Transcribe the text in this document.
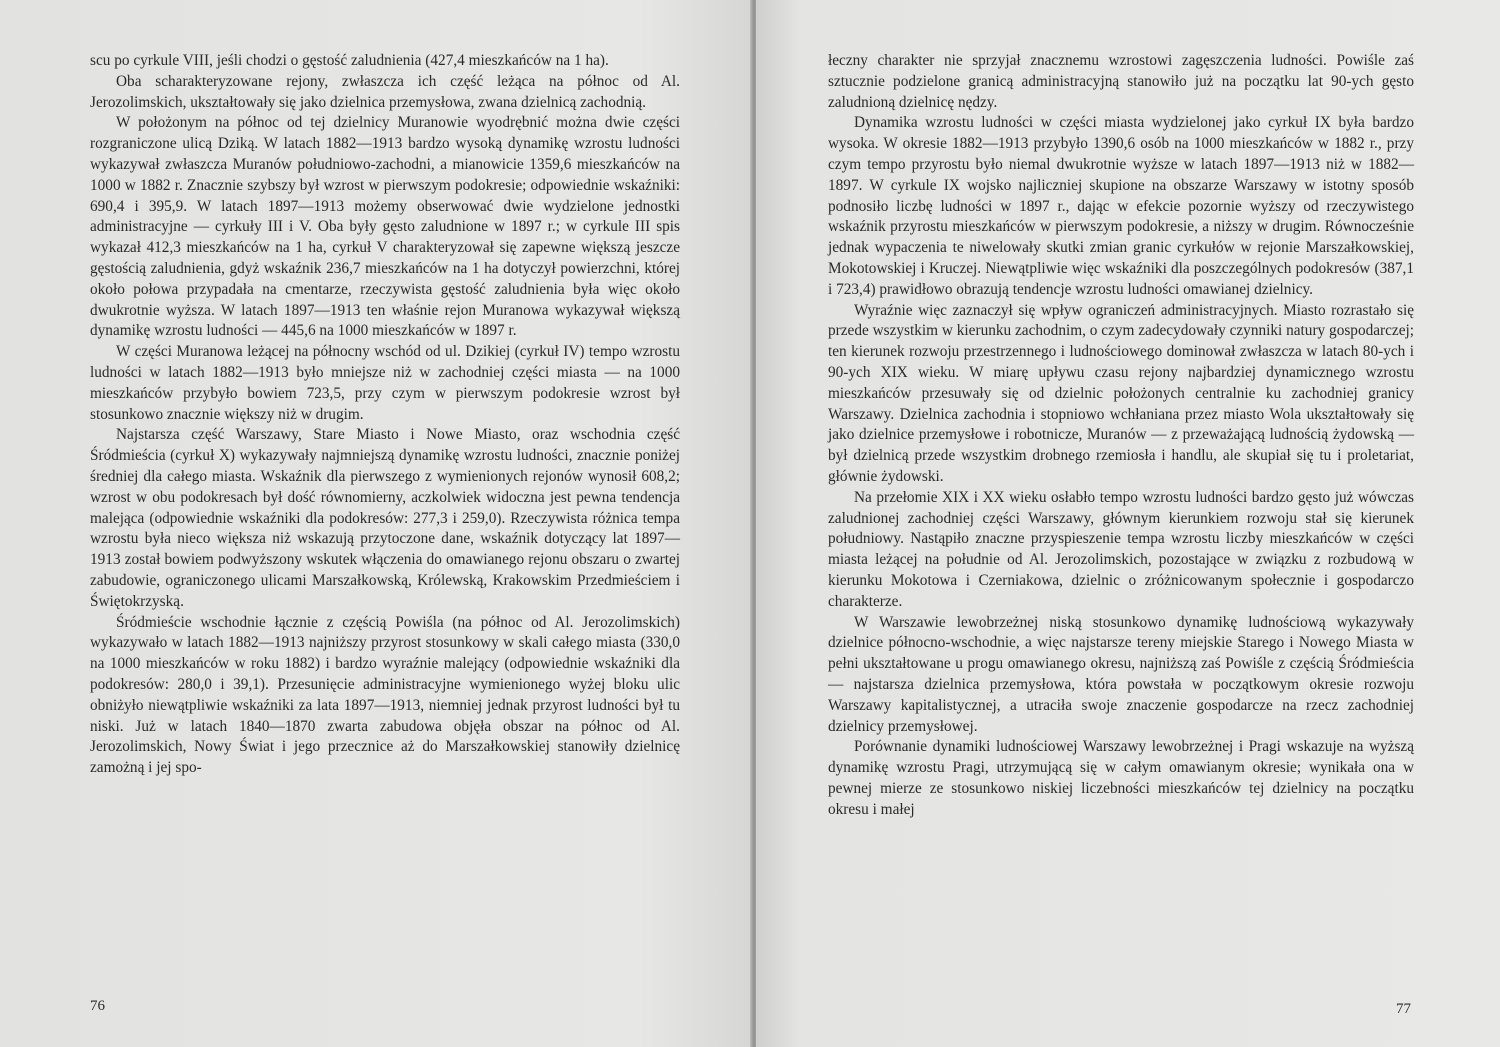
scu po cyrkule VIII, jeśli chodzi o gęstość zaludnienia (427,4 mieszkańców na 1 ha).

Oba scharakteryzowane rejony, zwłaszcza ich część leżąca na północ od Al. Jerozolimskich, ukształtowały się jako dzielnica przemysłowa, zwana dzielnicą zachodnią.

W położonym na północ od tej dzielnicy Muranowie wyodrębnić można dwie części rozgraniczone ulicą Dziką. W latach 1882—1913 bardzo wysoką dynamikę wzrostu ludności wykazywał zwłaszcza Muranów południowo-zachodni, a mianowicie 1359,6 mieszkańców na 1000 w 1882 r. Znacznie szybszy był wzrost w pierwszym podokresie; odpowiednie wskaźniki: 690,4 i 395,9. W latach 1897—1913 możemy obserwować dwie wydzielone jednostki administracyjne — cyrkuły III i V. Oba były gęsto zaludnione w 1897 r.; w cyrkule III spis wykazał 412,3 mieszkańców na 1 ha, cyrkuł V charakteryzował się zapewne większą jeszcze gęstością zaludnienia, gdyż wskaźnik 236,7 mieszkańców na 1 ha dotyczył powierzchni, której około połowa przypadała na cmentarze, rzeczywista gęstość zaludnienia była więc około dwukrotnie wyższa. W latach 1897—1913 ten właśnie rejon Muranowa wykazywał większą dynamikę wzrostu ludności — 445,6 na 1000 mieszkańców w 1897 r.

W części Muranowa leżącej na północny wschód od ul. Dzikiej (cyrkuł IV) tempo wzrostu ludności w latach 1882—1913 było mniejsze niż w zachodniej części miasta — na 1000 mieszkańców przybyło bowiem 723,5, przy czym w pierwszym podokresie wzrost był stosunkowo znacznie większy niż w drugim.

Najstarsza część Warszawy, Stare Miasto i Nowe Miasto, oraz wschodnia część Śródmieścia (cyrkuł X) wykazywały najmniejszą dynamikę wzrostu ludności, znacznie poniżej średniej dla całego miasta. Wskaźnik dla pierwszego z wymienionych rejonów wynosił 608,2; wzrost w obu podokresach był dość równomierny, aczkolwiek widoczna jest pewna tendencja malejąca (odpowiednie wskaźniki dla podokresów: 277,3 i 259,0). Rzeczywista różnica tempa wzrostu była nieco większa niż wskazują przytoczone dane, wskaźnik dotyczący lat 1897—1913 został bowiem podwyższony wskutek włączenia do omawianego rejonu obszaru o zwartej zabudowie, ograniczonego ulicami Marszałkowską, Królewską, Krakowskim Przedmieściem i Świętokrzyską.

Śródmieście wschodnie łącznie z częścią Powiśla (na północ od Al. Jerozolimskich) wykazywało w latach 1882—1913 najniższy przyrost stosunkowy w skali całego miasta (330,0 na 1000 mieszkańców w roku 1882) i bardzo wyraźnie malejący (odpowiednie wskaźniki dla podokresów: 280,0 i 39,1). Przesunięcie administracyjne wymienionego wyżej bloku ulic obniżyło niewątpliwie wskaźniki za lata 1897—1913, niemniej jednak przyrost ludności był tu niski. Już w latach 1840—1870 zwarta zabudowa objęła obszar na północ od Al. Jerozolimskich, Nowy Świat i jego przecznice aż do Marszałkowskiej stanowiły dzielnicę zamożną i jej spo-

76

łeczny charakter nie sprzyjał znacznemu wzrostowi zagęszczenia ludności. Powiśle zaś sztucznie podzielone granicą administracyjną stanowiło już na początku lat 90-ych gęsto zaludnioną dzielnicę nędzy.

Dynamika wzrostu ludności w części miasta wydzielonej jako cyrkuł IX była bardzo wysoka. W okresie 1882—1913 przybyło 1390,6 osób na 1000 mieszkańców w 1882 r., przy czym tempo przyrostu było niemal dwukrotnie wyższe w latach 1897—1913 niż w 1882—1897. W cyrkule IX wojsko najliczniej skupione na obszarze Warszawy w istotny sposób podnosiło liczbę ludności w 1897 r., dając w efekcie pozornie wyższy od rzeczywistego wskaźnik przyrostu mieszkańców w pierwszym podokresie, a niższy w drugim. Równocześnie jednak wypaczenia te niwelowały skutki zmian granic cyrkułów w rejonie Marszałkowskiej, Mokotowskiej i Kruczej. Niewątpliwie więc wskaźniki dla poszczególnych podokresów (387,1 i 723,4) prawidłowo obrazują tendencje wzrostu ludności omawianej dzielnicy.

Wyraźnie więc zaznaczył się wpływ ograniczeń administracyjnych. Miasto rozrastało się przede wszystkim w kierunku zachodnim, o czym zadecydowały czynniki natury gospodarczej; ten kierunek rozwoju przestrzennego i ludnościowego dominował zwłaszcza w latach 80-ych i 90-ych XIX wieku. W miarę upływu czasu rejony najbardziej dynamicznego wzrostu mieszkańców przesuwały się od dzielnic położonych centralnie ku zachodniej granicy Warszawy. Dzielnica zachodnia i stopniowo wchłaniana przez miasto Wola ukształtowały się jako dzielnice przemysłowe i robotnicze, Muranów — z przeważającą ludnością żydowską — był dzielnicą przede wszystkim drobnego rzemiosła i handlu, ale skupiał się tu i proletariat, głównie żydowski.

Na przełomie XIX i XX wieku osłabło tempo wzrostu ludności bardzo gęsto już wówczas zaludnionej zachodniej części Warszawy, głównym kierunkiem rozwoju stał się kierunek południowy. Nastąpiło znaczne przyspieszenie tempa wzrostu liczby mieszkańców w części miasta leżącej na południe od Al. Jerozolimskich, pozostające w związku z rozbudową w kierunku Mokotowa i Czerniakowa, dzielnic o zróżnicowanym społecznie i gospodarczo charakterze.

W Warszawie lewobrzeżnej niską stosunkowo dynamikę ludnościową wykazywały dzielnice północno-wschodnie, a więc najstarsze tereny miejskie Starego i Nowego Miasta w pełni ukształtowane u progu omawianego okresu, najniższą zaś Powiśle z częścią Śródmieścia — najstarsza dzielnica przemysłowa, która powstała w początkowym okresie rozwoju Warszawy kapitalistycznej, a utraciła swoje znaczenie gospodarcze na rzecz zachodniej dzielnicy przemysłowej.

Porównanie dynamiki ludnościowej Warszawy lewobrzeżnej i Pragi wskazuje na wyższą dynamikę wzrostu Pragi, utrzymującą się w całym omawianym okresie; wynikała ona w pewnej mierze ze stosunkowo niskiej liczebności mieszkańców tej dzielnicy na początku okresu i małej

77
